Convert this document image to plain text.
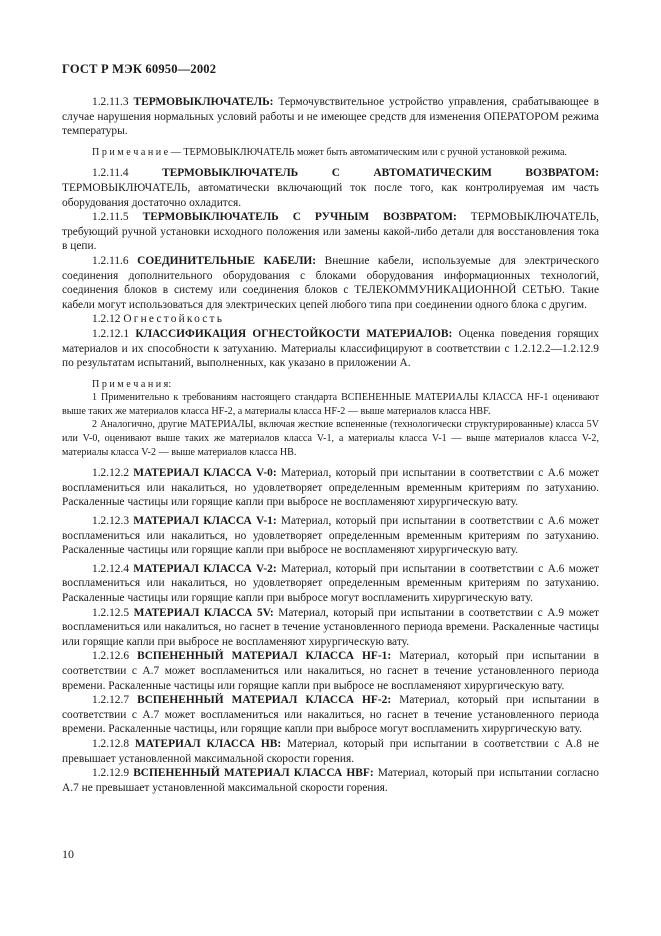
ГОСТ Р МЭК 60950—2002

1.2.11.3 ТЕРМОВЫКЛЮЧАТЕЛЬ: Термочувствительное устройство управления, срабатывающее в случае нарушения нормальных условий работы и не имеющее средств для изменения ОПЕРАТОРОМ режима температуры.

П р и м е ч а н и е — ТЕРМОВЫКЛЮЧАТЕЛЬ может быть автоматическим или с ручной установкой режима.

1.2.11.4 ТЕРМОВЫКЛЮЧАТЕЛЬ С АВТОМАТИЧЕСКИМ ВОЗВРАТОМ: ТЕРМОВЫКЛЮЧАТЕЛЬ, автоматически включающий ток после того, как контролируемая им часть оборудования достаточно охладится.

1.2.11.5 ТЕРМОВЫКЛЮЧАТЕЛЬ С РУЧНЫМ ВОЗВРАТОМ: ТЕРМОВЫКЛЮЧАТЕЛЬ, требующий ручной установки исходного положения или замены какой-либо детали для восстановления тока в цепи.

1.2.11.6 СОЕДИНИТЕЛЬНЫЕ КАБЕЛИ: Внешние кабели, используемые для электрического соединения дополнительного оборудования с блоками оборудования информационных технологий, соединения блоков в систему или соединения блоков с ТЕЛЕКОММУНИКАЦИОННОЙ СЕТЬЮ. Такие кабели могут использоваться для электрических цепей любого типа при соединении одного блока с другим.

1.2.12 Огнестойкость

1.2.12.1 КЛАССИФИКАЦИЯ ОГНЕСТОЙКОСТИ МАТЕРИАЛОВ: Оценка поведения горящих материалов и их способности к затуханию. Материалы классифицируют в соответствии с 1.2.12.2—1.2.12.9 по результатам испытаний, выполненных, как указано в приложении А.

П р и м е ч а н и я:

1 Применительно к требованиям настоящего стандарта ВСПЕНЕННЫЕ МАТЕРИАЛЫ КЛАССА HF-1 оценивают выше таких же материалов класса HF-2, а материалы класса HF-2 — выше материалов класса HBF.

2 Аналогично, другие МАТЕРИАЛЫ, включая жесткие вспененные (технологически структурированные) класса 5V или V-0, оценивают выше таких же материалов класса V-1, а материалы класса V-1 — выше материалов класса V-2, материалы класса V-2 — выше материалов класса НВ.

1.2.12.2 МАТЕРИАЛ КЛАССА V-0: Материал, который при испытании в соответствии с А.6 может воспламениться или накалиться, но удовлетворяет определенным временным критериям по затуханию. Раскаленные частицы или горящие капли при выбросе не воспламеняют хирургическую вату.

1.2.12.3 МАТЕРИАЛ КЛАССА V-1: Материал, который при испытании в соответствии с А.6 может воспламениться или накалиться, но удовлетворяет определенным временным критериям по затуханию. Раскаленные частицы или горящие капли при выбросе не воспламеняют хирургическую вату.

1.2.12.4 МАТЕРИАЛ КЛАССА V-2: Материал, который при испытании в соответствии с А.6 может воспламениться или накалиться, но удовлетворяет определенным временным критериям по затуханию. Раскаленные частицы или горящие капли при выбросе могут воспламенить хирургическую вату.

1.2.12.5 МАТЕРИАЛ КЛАССА 5V: Материал, который при испытании в соответствии с А.9 может воспламениться или накалиться, но гаснет в течение установленного периода времени. Раскаленные частицы или горящие капли при выбросе не воспламеняют хирургическую вату.

1.2.12.6 ВСПЕНЕННЫЙ МАТЕРИАЛ КЛАССА HF-1: Материал, который при испытании в соответствии с А.7 может воспламениться или накалиться, но гаснет в течение установленного периода времени. Раскаленные частицы или горящие капли при выбросе не воспламеняют хирургическую вату.

1.2.12.7 ВСПЕНЕННЫЙ МАТЕРИАЛ КЛАССА HF-2: Материал, который при испытании в соответствии с А.7 может воспламениться или накалиться, но гаснет в течение установленного периода времени. Раскаленные частицы, или горящие капли при выбросе могут воспламенить хирургическую вату.

1.2.12.8 МАТЕРИАЛ КЛАССА НВ: Материал, который при испытании в соответствии с А.8 не превышает установленной максимальной скорости горения.

1.2.12.9 ВСПЕНЕННЫЙ МАТЕРИАЛ КЛАССА HBF: Материал, который при испытании согласно А.7 не превышает установленной максимальной скорости горения.

10
